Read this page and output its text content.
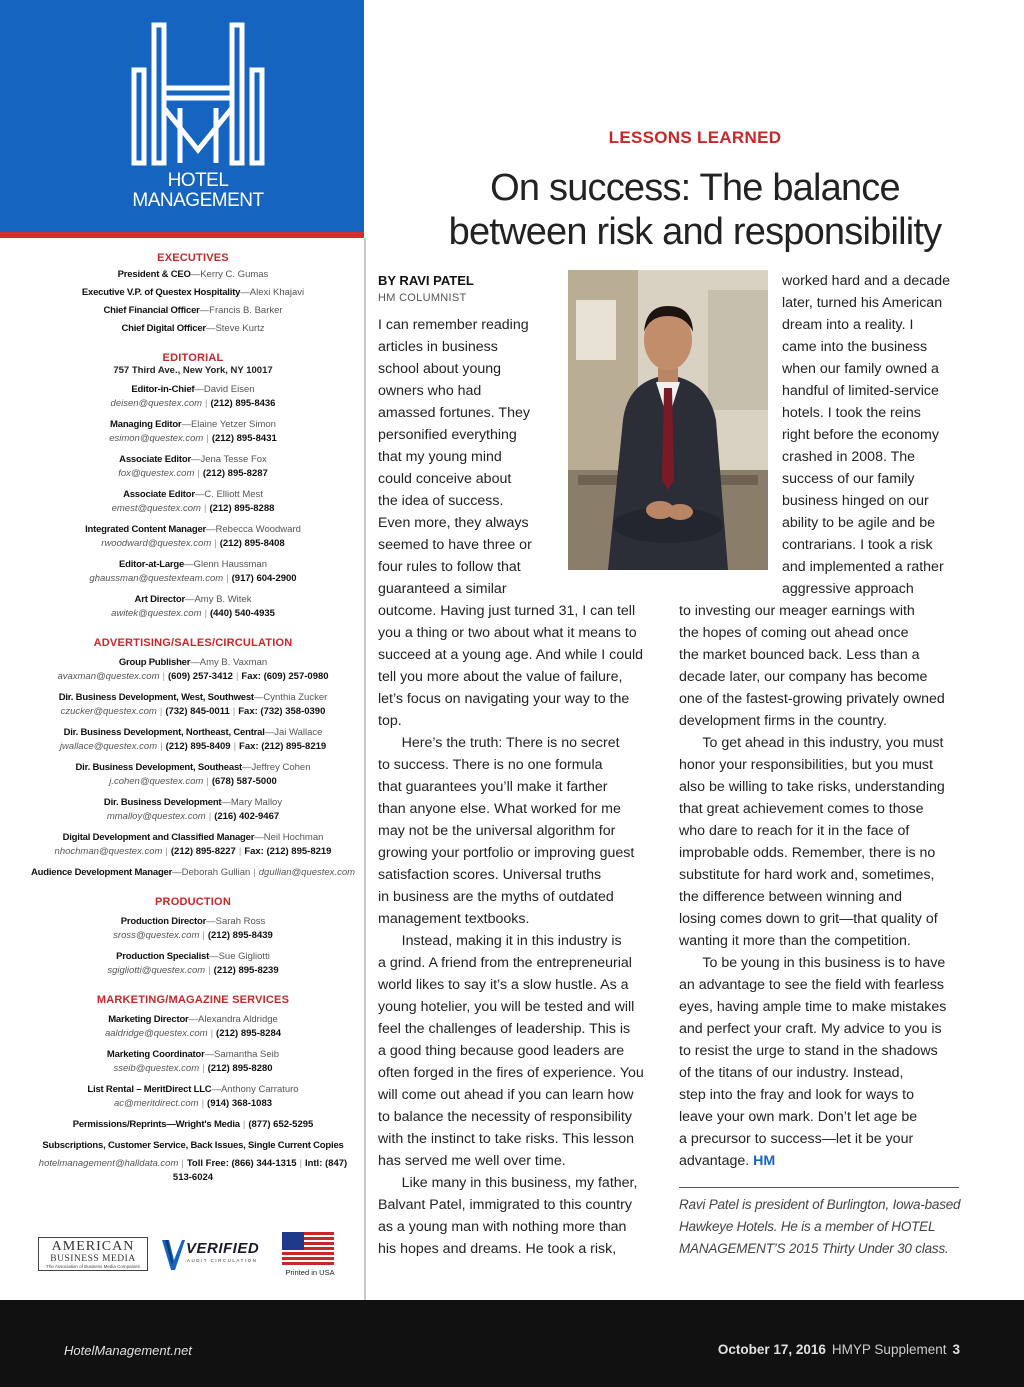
HOTEL
MANAGEMENT
EXECUTIVES
President & CEO—Kerry C. Gumas
Executive V.P. of Questex Hospitality—Alexi Khajavi
Chief Financial Officer—Francis B. Barker
Chief Digital Officer—Steve Kurtz
EDITORIAL
757 Third Ave., New York, NY 10017
Editor-in-Chief—David Eisen
deisen@questex.com | (212) 895-8436
Managing Editor—Elaine Yetzer Simon
esimon@questex.com | (212) 895-8431
Associate Editor—Jena Tesse Fox
fox@questex.com | (212) 895-8287
Associate Editor—C. Elliott Mest
emest@questex.com | (212) 895-8288
Integrated Content Manager—Rebecca Woodward
rwoodward@questex.com | (212) 895-8408
Editor-at-Large—Glenn Haussman
ghaussman@questexteam.com | (917) 604-2900
Art Director—Amy B. Witek
awitek@questex.com | (440) 540-4935
ADVERTISING/SALES/CIRCULATION
Group Publisher—Amy B. Vaxman
avaxman@questex.com | (609) 257-3412 | Fax: (609) 257-0980
Dir. Business Development, West, Southwest—Cynthia Zucker
czucker@questex.com | (732) 845-0011 | Fax: (732) 358-0390
Dir. Business Development, Northeast, Central—Jai Wallace
jwallace@questex.com | (212) 895-8409 | Fax: (212) 895-8219
Dir. Business Development, Southeast—Jeffrey Cohen
j.cohen@questex.com | (678) 587-5000
Dir. Business Development—Mary Malloy
mmalloy@questex.com | (216) 402-9467
Digital Development and Classified Manager—Neil Hochman
nhochman@questex.com | (212) 895-8227 | Fax: (212) 895-8219
Audience Development Manager—Deborah Gullian | dgullian@questex.com
PRODUCTION
Production Director—Sarah Ross
sross@questex.com | (212) 895-8439
Production Specialist—Sue Gigliotti
sgigliotti@questex.com | (212) 895-8239
MARKETING/MAGAZINE SERVICES
Marketing Director—Alexandra Aldridge
aaldridge@questex.com | (212) 895-8284
Marketing Coordinator—Samantha Seib
sseib@questex.com | (212) 895-8280
List Rental – MeritDirect LLC—Anthony Carraturo
ac@meritdirect.com | (914) 368-1083
Permissions/Reprints—Wright's Media | (877) 652-5295
Subscriptions, Customer Service, Back Issues, Single Current Copies
hotelmanagement@halldata.com | Toll Free: (866) 344-1315 | Intl: (847) 513-6024
AMERICAN
BUSINESS MEDIA
The Association of Business Media Companies
VERIFIED
AUDIT CIRCULATION
Printed in USA
LESSONS LEARNED
On success: The balance
between risk and responsibility
BY RAVI PATEL
HM COLUMNIST
I can remember reading
articles in business
school about young
owners who had
amassed fortunes. They
personified everything
that my young mind
could conceive about
the idea of success.
Even more, they always
seemed to have three or
four rules to follow that
guaranteed a similar
outcome. Having just turned 31, I can tell
you a thing or two about what it means to
succeed at a young age. And while I could
tell you more about the value of failure,
let’s focus on navigating your way to the
top.
Here’s the truth: There is no secret
to success. There is no one formula
that guarantees you’ll make it farther
than anyone else. What worked for me
may not be the universal algorithm for
growing your portfolio or improving guest
satisfaction scores. Universal truths
in business are the myths of outdated
management textbooks.
Instead, making it in this industry is
a grind. A friend from the entrepreneurial
world likes to say it’s a slow hustle. As a
young hotelier, you will be tested and will
feel the challenges of leadership. This is
a good thing because good leaders are
often forged in the fires of experience. You
will come out ahead if you can learn how
to balance the necessity of responsibility
with the instinct to take risks. This lesson
has served me well over time.
Like many in this business, my father,
Balvant Patel, immigrated to this country
as a young man with nothing more than
his hopes and dreams. He took a risk,
worked hard and a decade
later, turned his American
dream into a reality. I
came into the business
when our family owned a
handful of limited-service
hotels. I took the reins
right before the economy
crashed in 2008. The
success of our family
business hinged on our
ability to be agile and be
contrarians. I took a risk
and implemented a rather
aggressive approach
to investing our meager earnings with
the hopes of coming out ahead once
the market bounced back. Less than a
decade later, our company has become
one of the fastest-growing privately owned
development firms in the country.
To get ahead in this industry, you must
honor your responsibilities, but you must
also be willing to take risks, understanding
that great achievement comes to those
who dare to reach for it in the face of
improbable odds. Remember, there is no
substitute for hard work and, sometimes,
the difference between winning and
losing comes down to grit—that quality of
wanting it more than the competition.
To be young in this business is to have
an advantage to see the field with fearless
eyes, having ample time to make mistakes
and perfect your craft. My advice to you is
to resist the urge to stand in the shadows
of the titans of our industry. Instead,
step into the fray and look for ways to
leave your own mark. Don’t let age be
a precursor to success—let it be your
advantage. HM
Ravi Patel is president of Burlington, Iowa-based
Hawkeye Hotels. He is a member of HOTEL
MANAGEMENT’S 2015 Thirty Under 30 class.
HotelManagement.net	October 17, 2016 HMYP Supplement 3
